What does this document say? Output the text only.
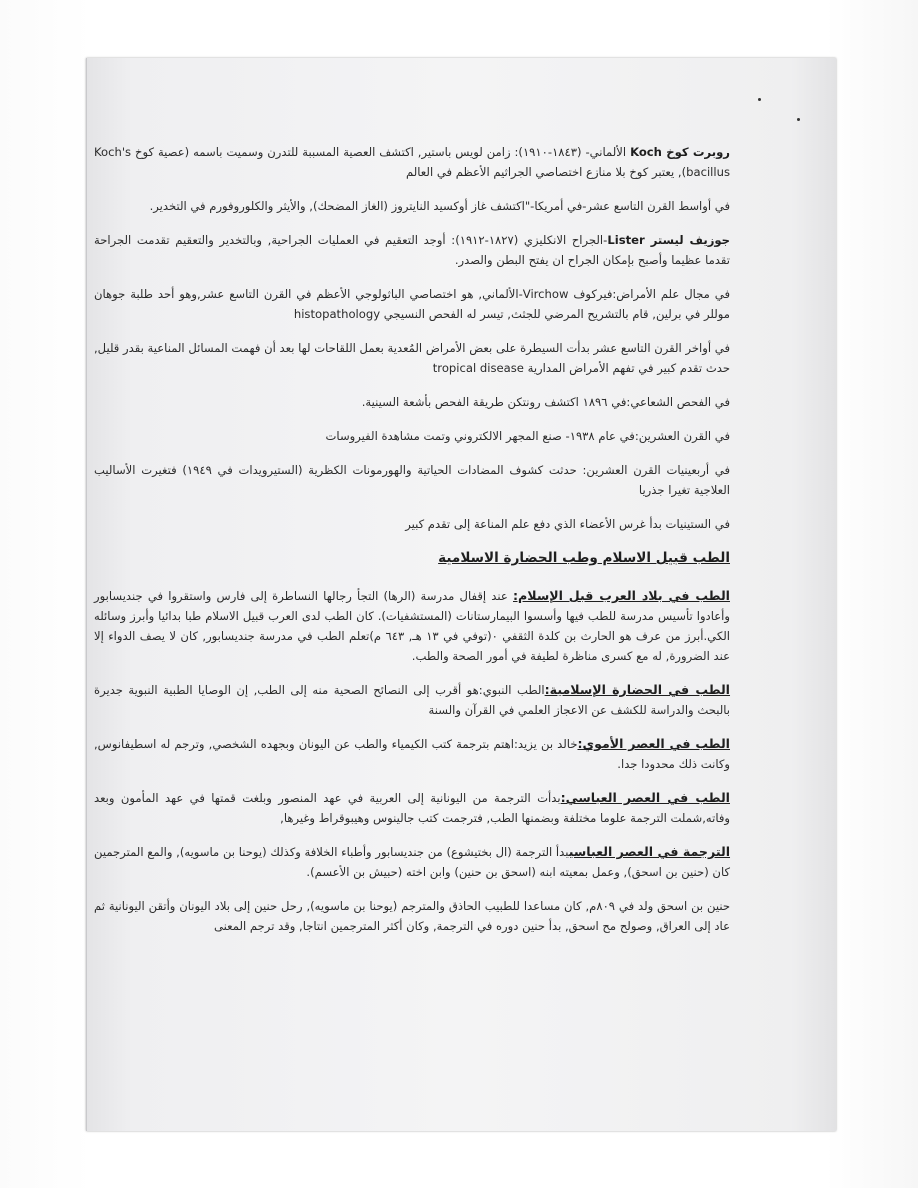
روبرت كوخ Koch الألماني- (١٨٤٣-١٩١٠): زامن لويس باستير, اكتشف العصية المسببة للتدرن وسميت باسمه (عصية كوخ Koch's bacillus), يعتبر كوخ بلا منازع اختصاصي الجراثيم الأعظم في العالم

في أواسط القرن التاسع عشر-في أمريكا-"اكتشف غاز أوكسيد النايتروز (الغاز المضحك), والأيثر والكلوروفورم في التخدير.

جوزيف ليستر Lister-الجراح الانكليزي (١٨٢٧-١٩١٢): أوجد التعقيم في العمليات الجراحية, وبالتخدير والتعقيم تقدمت الجراحة تقدما عظيما وأصبح بإمكان الجراح ان يفتح البطن والصدر.

في مجال علم الأمراض:فيركوف Virchow-الألماني, هو اختصاصي الباثولوجي الأعظم في القرن التاسع عشر,وهو أحد طلبة جوهان موللر في برلين, قام بالتشريح المرضي للجثث, تيسر له الفحص النسيجي histopathology

في أواخر القرن التاسع عشر بدأت السيطرة على بعض الأمراض المُعدية بعمل اللقاحات لها بعد أن فهمت المسائل المناعية بقدر قليل, حدث تقدم كبير في تفهم الأمراض المدارية tropical disease

في الفحص الشعاعي:في ١٨٩٦ اكتشف رونتكن طريقة الفحص بأشعة السينية.

في القرن العشرين:في عام ١٩٣٨- صنع المجهر الالكتروني وتمت مشاهدة الفيروسات

في أربعينيات القرن العشرين: حدثت كشوف المضادات الحياتية والهورمونات الكظرية (الستيرويدات في ١٩٤٩) فتغيرت الأساليب العلاجية تغيرا جذريا

في الستينيات بدأ غرس الأعضاء الذي دفع علم المناعة إلى تقدم كبير

الطب قبيل الاسلام وطب الحضارة الاسلامية

الطب في بلاد العرب قبل الإسلام: عند إقفال مدرسة (الرها) التجأ رجالها النساطرة إلى فارس واستقروا في جنديسابور وأعادوا تأسيس مدرسة للطب فيها وأسسوا البيمارستانات (المستشفيات). كان الطب لدى العرب قبيل الاسلام طبا بدائيا وأبرز وسائله الكي.أبرز من عرف هو الحارث بن كلدة الثقفي ٠(توفي في ١٣ هـ, ٦٤٣ م)تعلم الطب في مدرسة جنديسابور, كان لا يصف الدواء إلا عند الضرورة, له مع كسرى مناظرة لطيفة في أمور الصحة والطب.

الطب في الحضارة الإسلامية:الطب النبوي:هو أقرب إلى النصائح الصحية منه إلى الطب, إن الوصايا الطبية النبوية جديرة بالبحث والدراسة للكشف عن الاعجاز العلمي في القرآن والسنة

الطب في العصر الأموي:خالد بن يزيد:اهتم بترجمة كتب الكيمياء والطب عن اليونان وبجهده الشخصي, وترجم له اسطيفانوس, وكانت ذلك محدودا جدا.

الطب في العصر العباسي:بدأت الترجمة من اليونانية إلى العربية في عهد المنصور وبلغت قمتها في عهد المأمون وبعد وفاته,شملت الترجمة علوما مختلفة وبضمنها الطب, فترجمت كتب جالينوس وهيبوقراط وغيرها,

الترجمة في العصر العباسيبدأ الترجمة (ال بختيشوع) من جنديسابور وأطباء الخلافة وكذلك (يوحنا بن ماسويه), والمع المترجمين كان (حنين بن اسحق), وعمل بمعيته ابنه (اسحق بن حنين) وابن اخته (حبيش بن الأعسم).

حنين بن اسحق ولد في ٨٠٩م, كان مساعدا للطبيب الحاذق والمترجم (يوحنا بن ماسويه), رحل حنين إلى بلاد اليونان وأتقن اليونانية ثم عاد إلى العراق, وصولح مح اسحق, بدأ حنين دوره في الترجمة, وكان أكثر المترجمين انتاجا, وقد ترجم المعنى
